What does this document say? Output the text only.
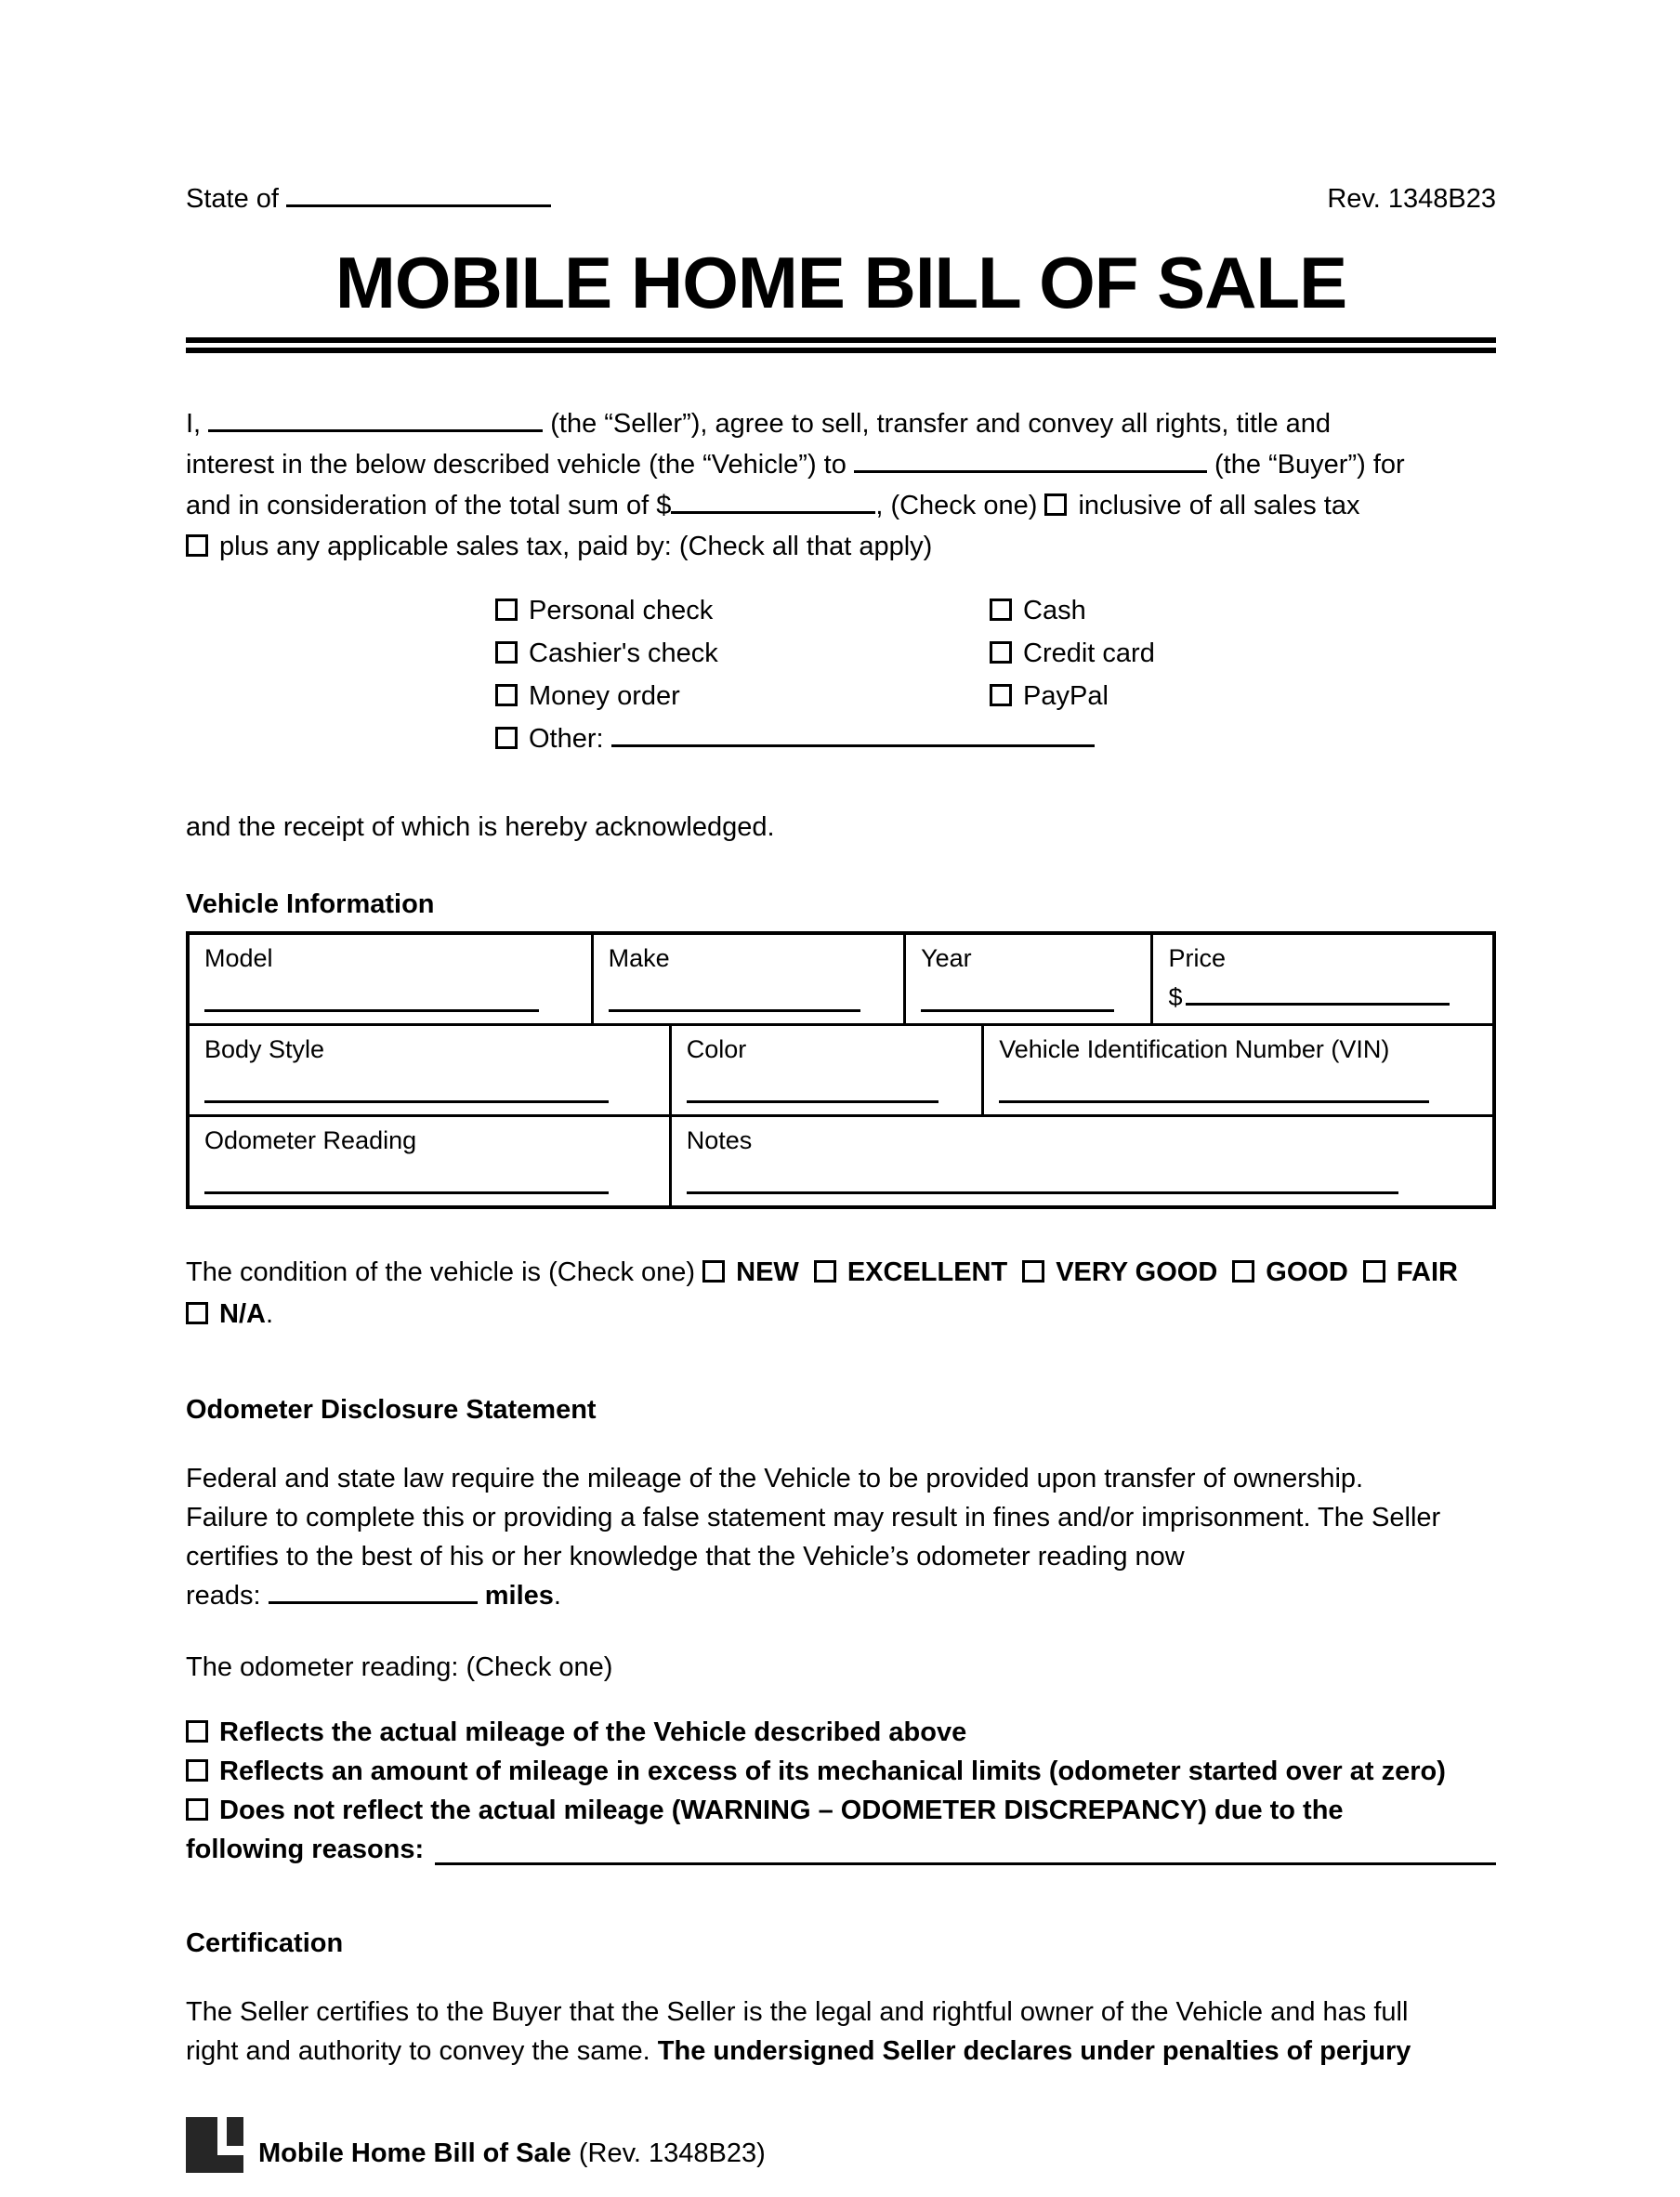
State of	Rev. 1348B23
MOBILE HOME BILL OF SALE
I,	(the “Seller”), agree to sell, transfer and convey all rights, title and
interest in the below described vehicle (the “Vehicle”) to	(the “Buyer”) for
and in consideration of the total sum of $	, (Check one) inclusive of all sales tax
plus any applicable sales tax, paid by: (Check all that apply)
Personal check
Cashier's check
Money order
Other:
Cash
Credit card
PayPal
and the receipt of which is hereby acknowledged.
Vehicle Information
Model	Make	Year	Price
$
Body Style	Color	Vehicle Identification Number (VIN)
Odometer Reading	Notes
The condition of the vehicle is (Check one) NEW EXCELLENT VERY GOOD GOOD FAIR
N/A.
Odometer Disclosure Statement
Federal and state law require the mileage of the Vehicle to be provided upon transfer of ownership.
Failure to complete this or providing a false statement may result in fines and/or imprisonment. The Seller
certifies to the best of his or her knowledge that the Vehicle’s odometer reading now
reads:	miles.
The odometer reading: (Check one)
Reflects the actual mileage of the Vehicle described above
Reflects an amount of mileage in excess of its mechanical limits (odometer started over at zero)
Does not reflect the actual mileage (WARNING – ODOMETER DISCREPANCY) due to the
following reasons:
Certification
The Seller certifies to the Buyer that the Seller is the legal and rightful owner of the Vehicle and has full
right and authority to convey the same. The undersigned Seller declares under penalties of perjury
Mobile Home Bill of Sale (Rev. 1348B23)
